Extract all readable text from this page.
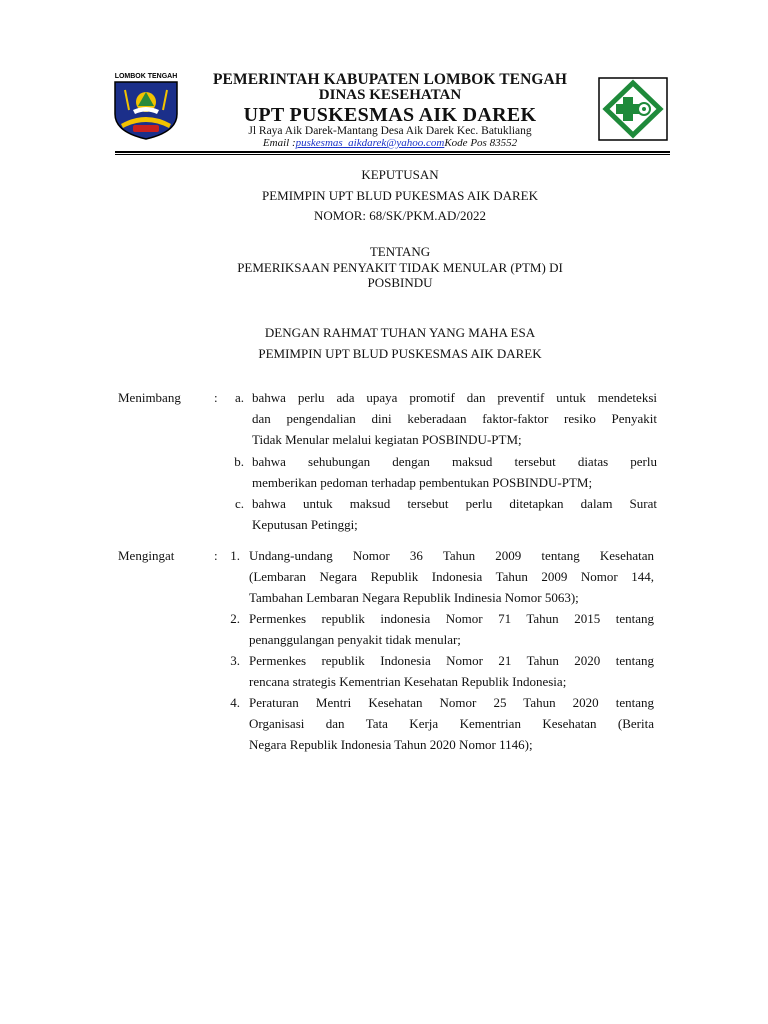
LOMBOK TENGAH	PEMERINTAH KABUPATEN LOMBOK TENGAH
DINAS KESEHATAN
UPT PUSKESMAS AIK DAREK
Jl Raya Aik Darek-Mantang Desa Aik Darek Kec. Batukliang
Email :puskesmas_aikdarek@yahoo.comKode Pos 83552
KEPUTUSAN
PEMIMPIN UPT BLUD PUKESMAS AIK DAREK
NOMOR: 68/SK/PKM.AD/2022
TENTANG
PEMERIKSAAN PENYAKIT TIDAK MENULAR (PTM) DI
POSBINDU
DENGAN RAHMAT TUHAN YANG MAHA ESA
PEMIMPIN UPT BLUD PUSKESMAS AIK DAREK
Menimbang	:	a. bahwa perlu ada upaya promotif dan preventif untuk mendeteksi
dan pengendalian dini keberadaan faktor-faktor resiko Penyakit
Tidak Menular melalui kegiatan POSBINDU-PTM;
b. bahwa sehubungan dengan maksud tersebut diatas perlu
memberikan pedoman terhadap pembentukan POSBINDU-PTM;
c. bahwa untuk maksud tersebut perlu ditetapkan dalam Surat
Keputusan Petinggi;
Mengingat	: 1. Undang-undang Nomor 36 Tahun 2009 tentang Kesehatan
(Lembaran Negara Republik Indonesia Tahun 2009 Nomor 144,
Tambahan Lembaran Negara Republik Indinesia Nomor 5063);
2. Permenkes republik indonesia Nomor 71 Tahun 2015 tentang
penanggulangan penyakit tidak menular;
3. Permenkes republik Indonesia Nomor 21 Tahun 2020 tentang
rencana strategis Kementrian Kesehatan Republik Indonesia;
4. Peraturan Mentri Kesehatan Nomor 25 Tahun 2020 tentang
Organisasi dan Tata Kerja Kementrian Kesehatan (Berita
Negara Republik Indonesia Tahun 2020 Nomor 1146);
